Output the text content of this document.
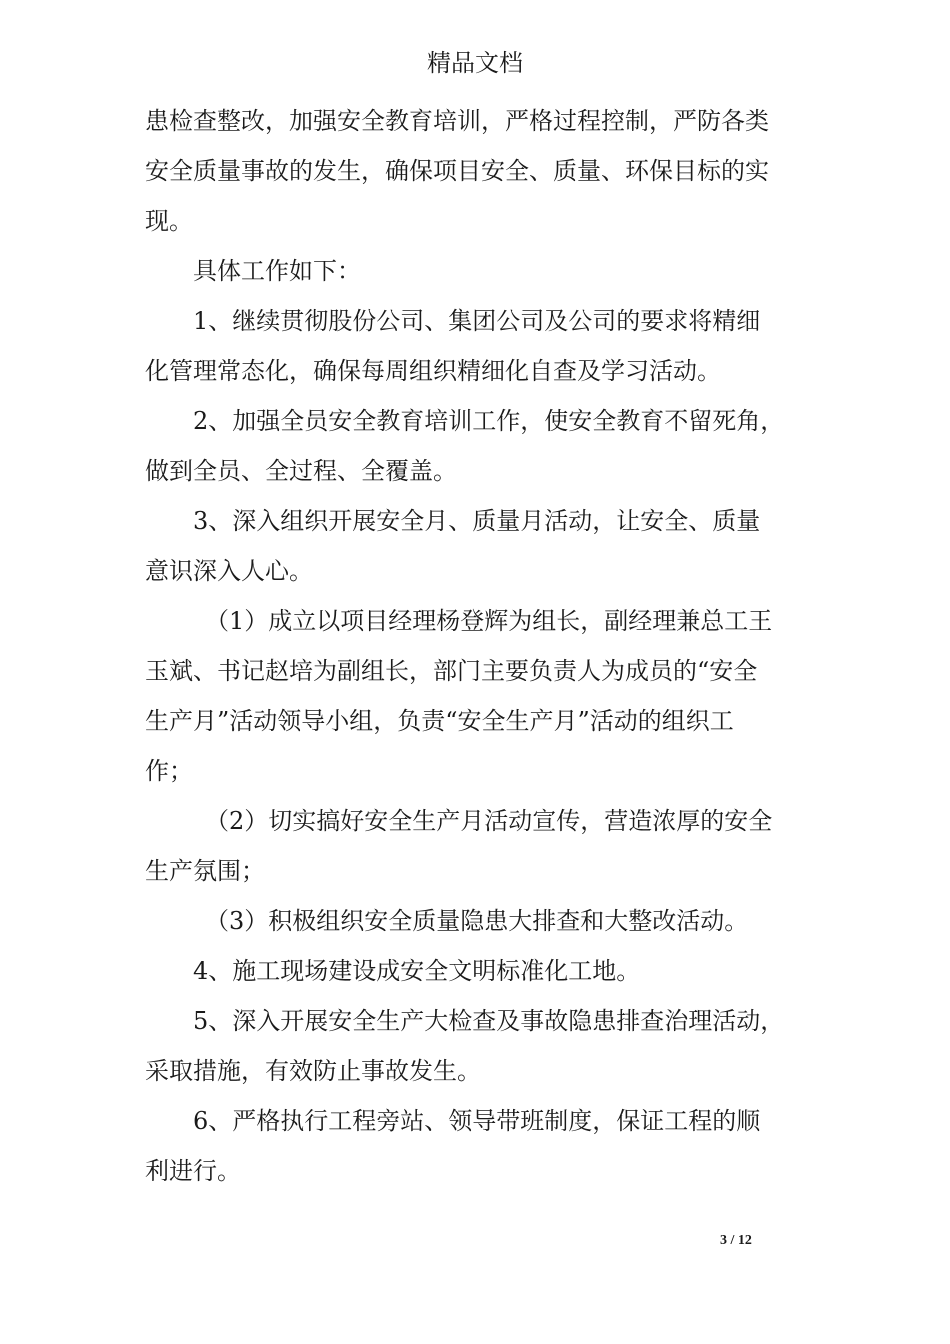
精品文档
患检查整改，加强安全教育培训，严格过程控制，严防各类
安全质量事故的发生，确保项目安全、质量、环保目标的实
现。
具体工作如下：
1、继续贯彻股份公司、集团公司及公司的要求将精细
化管理常态化，确保每周组织精细化自查及学习活动。
2、加强全员安全教育培训工作，使安全教育不留死角，
做到全员、全过程、全覆盖。
3、深入组织开展安全月、质量月活动，让安全、质量
意识深入人心。
（1）成立以项目经理杨登辉为组长，副经理兼总工王
玉斌、书记赵培为副组长，部门主要负责人为成员的“安全
生产月”活动领导小组，负责“安全生产月”活动的组织工
作；
（2）切实搞好安全生产月活动宣传，营造浓厚的安全
生产氛围；
（3）积极组织安全质量隐患大排查和大整改活动。
4、施工现场建设成安全文明标准化工地。
5、深入开展安全生产大检查及事故隐患排查治理活动，
采取措施，有效防止事故发生。
6、严格执行工程旁站、领导带班制度，保证工程的顺
利进行。
3 / 12
